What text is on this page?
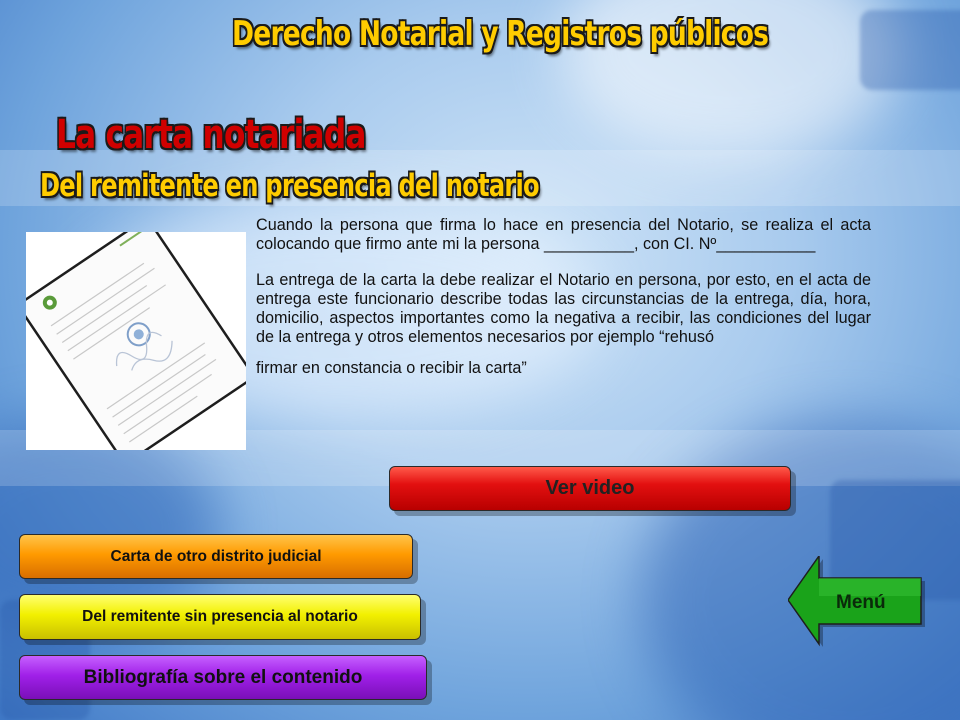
Derecho Notarial y Registros públicos
La carta notariada
Del remitente en presencia del notario

Cuando la persona que firma lo hace en presencia del Notario, se realiza el acta colocando que firmo ante mi la persona __________, con CI. Nº___________

La entrega de la carta la debe realizar el Notario en persona, por esto, en el acta de entrega este funcionario describe todas las circunstancias de la entrega, día, hora, domicilio, aspectos importantes como la negativa a recibir, las condiciones del lugar de la entrega y otros elementos necesarios por ejemplo “rehusó

firmar en constancia o recibir la carta”

Ver video
Carta de otro distrito judicial
Del remitente sin presencia al notario
Bibliografía sobre el contenido
Menú
